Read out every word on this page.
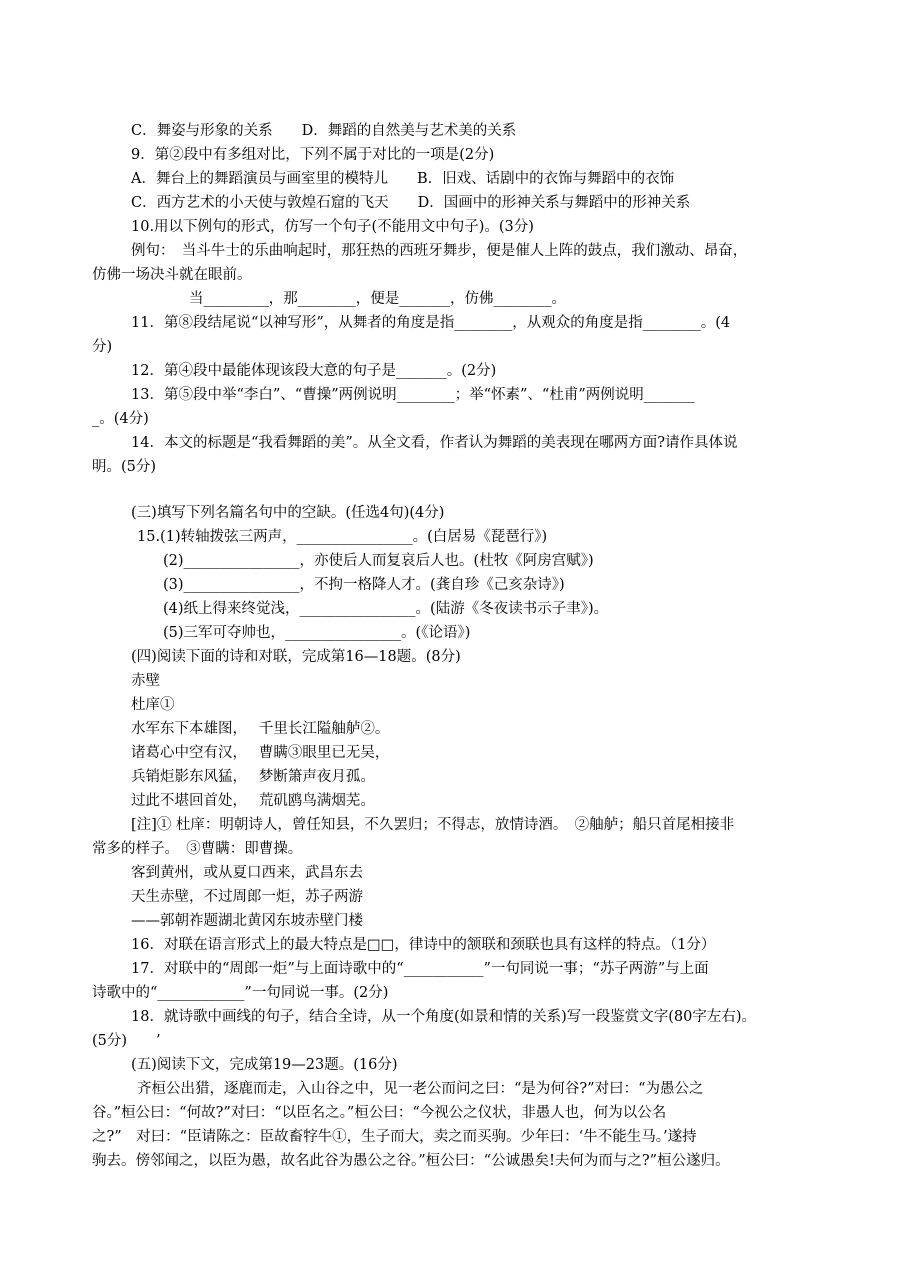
C．舞姿与形象的关系　　D．舞蹈的自然美与艺术美的关系
9．第②段中有多组对比，下列不属于对比的一项是(2分)
A．舞台上的舞蹈演员与画室里的模特儿　　B．旧戏、话剧中的衣饰与舞蹈中的衣饰
C．西方艺术的小天使与敦煌石窟的飞天　　D．国画中的形神关系与舞蹈中的形神关系
10.用以下例句的形式，仿写一个句子(不能用文中句子)。(3分)
例句：　当斗牛士的乐曲响起时，那狂热的西班牙舞步，便是催人上阵的鼓点，我们激动、昂奋，
仿佛一场决斗就在眼前。
当_________，那________，便是_______，仿佛________。
11．第⑧段结尾说“以神写形”，从舞者的角度是指________，从观众的角度是指________。(4
分)
12．第④段中最能体现该段大意的句子是_______。(2分)
13．第⑤段中举“李白”、“曹操”两例说明________；举“怀素”、“杜甫”两例说明_______
_。(4分)
14．本文的标题是“我看舞蹈的美”。从全文看，作者认为舞蹈的美表现在哪两方面?请作具体说
明。(5分)
(三)填写下列名篇名句中的空缺。(任选4句)(4分)
15.(1)转轴拨弦三两声，________________。(白居易《琵琶行》)
(2)________________，亦使后人而复哀后人也。(杜牧《阿房宫赋》)
(3)________________，不拘一格降人才。(龚自珍《己亥杂诗》)
(4)纸上得来终觉浅，________________。(陆游《冬夜读书示子聿》)。
(5)三军可夺帅也，________________。(《论语》)
(四)阅读下面的诗和对联，完成第16—18题。(8分)
赤壁
杜庠①
水军东下本雄图，　 千里长江隘舳舻②。
诸葛心中空有汉，　 曹瞒③眼里已无吴，
兵销炬影东风猛，　 梦断箫声夜月孤。
过此不堪回首处，　 荒矶鸥鸟满烟芜。
[注]① 杜庠：明朝诗人，曾任知县，不久罢归；不得志，放情诗酒。　②舳舻；船只首尾相接非
常多的样子。　③曹瞒：即曹操。
客到黄州，或从夏口西来，武昌东去
天生赤壁，不过周郎一炬，苏子两游
——郭朝祚题湖北黄冈东坡赤壁门楼
16．对联在语言形式上的最大特点是□□，律诗中的颔联和颈联也具有这样的特点。（1分）
17．对联中的“周郎一炬”与上面诗歌中的“___________”一句同说一事；“苏子两游”与上面
诗歌中的“____________”一句同说一事。(2分)
18．就诗歌中画线的句子，结合全诗，从一个角度(如景和情的关系)写一段鉴赏文字(80字左右)。
(5分)　　’
(五)阅读下文，完成第19—23题。(16分)
齐桓公出猎，逐鹿而走，入山谷之中，见一老公而问之曰：“是为何谷?”对曰：“为愚公之
谷。”桓公曰：“何故?”对曰：“以臣名之。”桓公曰：“今视公之仪状，非愚人也，何为以公名
之?”　对曰：“臣请陈之：臣故畜牸牛①，生子而大，卖之而买驹。少年曰：‘牛不能生马。’遂持
驹去。傍邻闻之，以臣为愚，故名此谷为愚公之谷。”桓公曰：“公诚愚矣!夫何为而与之?”桓公遂归。
